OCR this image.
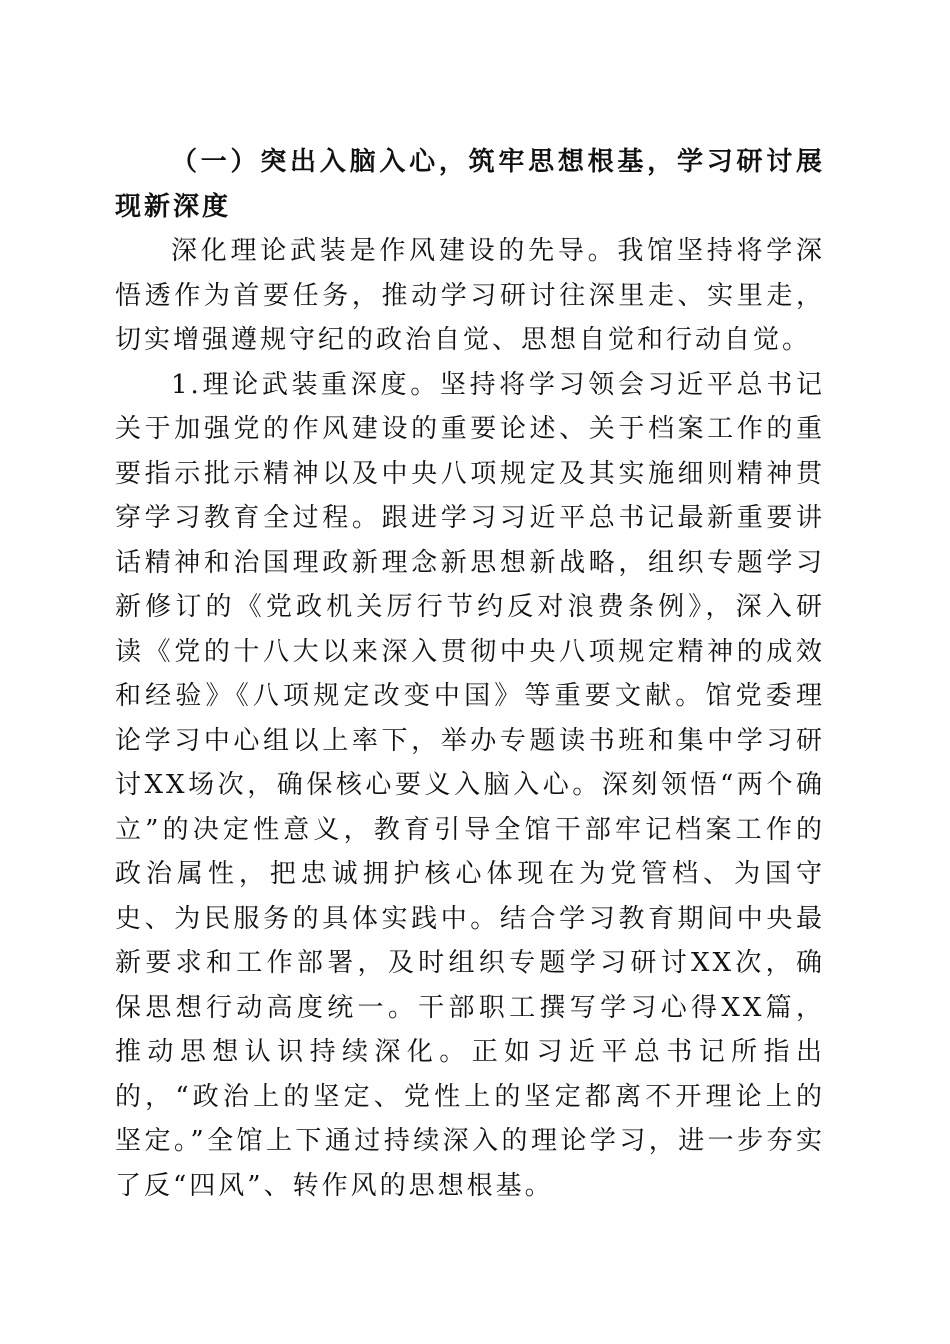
（一）突出入脑入心，筑牢思想根基，学习研讨展现新深度

深化理论武装是作风建设的先导。我馆坚持将学深悟透作为首要任务，推动学习研讨往深里走、实里走，切实增强遵规守纪的政治自觉、思想自觉和行动自觉。

1.理论武装重深度。坚持将学习领会习近平总书记关于加强党的作风建设的重要论述、关于档案工作的重要指示批示精神以及中央八项规定及其实施细则精神贯穿学习教育全过程。跟进学习习近平总书记最新重要讲话精神和治国理政新理念新思想新战略，组织专题学习新修订的《党政机关厉行节约反对浪费条例》，深入研读《党的十八大以来深入贯彻中央八项规定精神的成效和经验》《八项规定改变中国》等重要文献。馆党委理论学习中心组以上率下，举办专题读书班和集中学习研讨XX场次，确保核心要义入脑入心。深刻领悟“两个确立”的决定性意义，教育引导全馆干部牢记档案工作的政治属性，把忠诚拥护核心体现在为党管档、为国守史、为民服务的具体实践中。结合学习教育期间中央最新要求和工作部署，及时组织专题学习研讨XX次，确保思想行动高度统一。干部职工撰写学习心得XX篇，推动思想认识持续深化。正如习近平总书记所指出的，“政治上的坚定、党性上的坚定都离不开理论上的坚定。”全馆上下通过持续深入的理论学习，进一步夯实了反“四风”、转作风的思想根基。
